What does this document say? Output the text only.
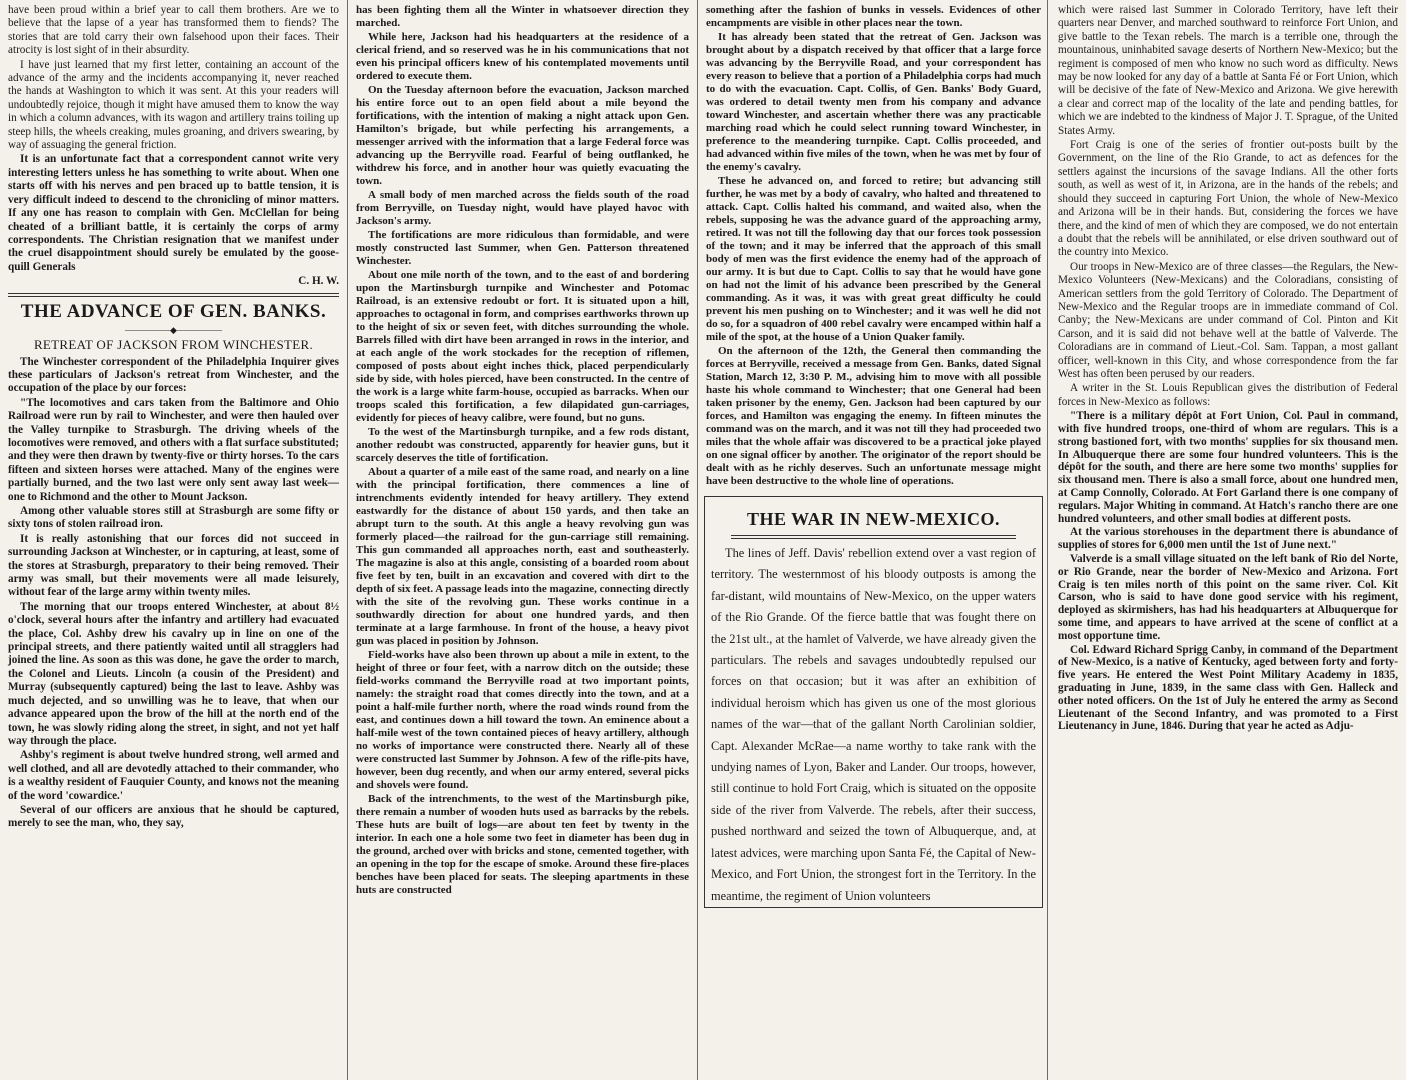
have been proud within a brief year to call them brothers. Are we to believe that the lapse of a year has transformed them to fiends? The stories that are told carry their own falsehood upon their faces. Their atrocity is lost sight of in their absurdity.

I have just learned that my first letter, containing an account of the advance of the army and the incidents accompanying it, never reached the hands at Washington to which it was sent. At this your readers will undoubtedly rejoice, though it might have amused them to know the way in which a column advances, with its wagon and artillery trains toiling up steep hills, the wheels creaking, mules groaning, and drivers swearing, by way of assuaging the general friction.

It is an unfortunate fact that a correspondent cannot write very interesting letters unless he has something to write about. When one starts off with his nerves and pen braced up to battle tension, it is very difficult indeed to descend to the chronicling of minor matters. If any one has reason to complain with Gen. McClellan for being cheated of a brilliant battle, it is certainly the corps of army correspondents. The Christian resignation that we manifest under the cruel disappointment should surely be emulated by the goose-quill Generals

C. H. W.

THE ADVANCE OF GEN. BANKS.
—————◆—————
RETREAT OF JACKSON FROM WINCHESTER.

The Winchester correspondent of the Philadelphia Inquirer gives these particulars of Jackson's retreat from Winchester, and the occupation of the place by our forces:

"The locomotives and cars taken from the Baltimore and Ohio Railroad were run by rail to Winchester, and were then hauled over the Valley turnpike to Strasburgh. The driving wheels of the locomotives were removed, and others with a flat surface substituted; and they were then drawn by twenty-five or thirty horses. To the cars fifteen and sixteen horses were attached. Many of the engines were partially burned, and the two last were only sent away last week—one to Richmond and the other to Mount Jackson.

Among other valuable stores still at Strasburgh are some fifty or sixty tons of stolen railroad iron.

It is really astonishing that our forces did not succeed in surrounding Jackson at Winchester, or in capturing, at least, some of the stores at Strasburgh, preparatory to their being removed. Their army was small, but their movements were all made leisurely, without fear of the large army within twenty miles.

The morning that our troops entered Winchester, at about 8½ o'clock, several hours after the infantry and artillery had evacuated the place, Col. Ashby drew his cavalry up in line on one of the principal streets, and there patiently waited until all stragglers had joined the line. As soon as this was done, he gave the order to march, the Colonel and Lieuts. Lincoln (a cousin of the President) and Murray (subsequently captured) being the last to leave. Ashby was much dejected, and so unwilling was he to leave, that when our advance appeared upon the brow of the hill at the north end of the town, he was slowly riding along the street, in sight, and not yet half way through the place.

Ashby's regiment is about twelve hundred strong, well armed and well clothed, and all are devotedly attached to their commander, who is a wealthy resident of Fauquier County, and knows not the meaning of the word 'cowardice.'

Several of our officers are anxious that he should be captured, merely to see the man, who, they say,

has been fighting them all the Winter in whatsoever direction they marched.

While here, Jackson had his headquarters at the residence of a clerical friend, and so reserved was he in his communications that not even his principal officers knew of his contemplated movements until ordered to execute them.

On the Tuesday afternoon before the evacuation, Jackson marched his entire force out to an open field about a mile beyond the fortifications, with the intention of making a night attack upon Gen. Hamilton's brigade, but while perfecting his arrangements, a messenger arrived with the information that a large Federal force was advancing up the Berryville road. Fearful of being outflanked, he withdrew his force, and in another hour was quietly evacuating the town.

A small body of men marched across the fields south of the road from Berryville, on Tuesday night, would have played havoc with Jackson's army.

The fortifications are more ridiculous than formidable, and were mostly constructed last Summer, when Gen. Patterson threatened Winchester.

About one mile north of the town, and to the east of and bordering upon the Martinsburgh turnpike and Winchester and Potomac Railroad, is an extensive redoubt or fort. It is situated upon a hill, approaches to octagonal in form, and comprises earthworks thrown up to the height of six or seven feet, with ditches surrounding the whole. Barrels filled with dirt have been arranged in rows in the interior, and at each angle of the work stockades for the reception of riflemen, composed of posts about eight inches thick, placed perpendicularly side by side, with holes pierced, have been constructed. In the centre of the work is a large white farm-house, occupied as barracks. When our troops scaled this fortification, a few dilapidated gun-carriages, evidently for pieces of heavy calibre, were found, but no guns.

To the west of the Martinsburgh turnpike, and a few rods distant, another redoubt was constructed, apparently for heavier guns, but it scarcely deserves the title of fortification.

About a quarter of a mile east of the same road, and nearly on a line with the principal fortification, there commences a line of intrenchments evidently intended for heavy artillery. They extend eastwardly for the distance of about 150 yards, and then take an abrupt turn to the south. At this angle a heavy revolving gun was formerly placed—the railroad for the gun-carriage still remaining. This gun commanded all approaches north, east and southeasterly. The magazine is also at this angle, consisting of a boarded room about five feet by ten, built in an excavation and covered with dirt to the depth of six feet. A passage leads into the magazine, connecting directly with the site of the revolving gun. These works continue in a southwardly direction for about one hundred yards, and then terminate at a large farmhouse. In front of the house, a heavy pivot gun was placed in position by Johnson.

Field-works have also been thrown up about a mile in extent, to the height of three or four feet, with a narrow ditch on the outside; these field-works command the Berryville road at two important points, namely: the straight road that comes directly into the town, and at a point a half-mile further north, where the road winds round from the east, and continues down a hill toward the town. An eminence about a half-mile west of the town contained pieces of heavy artillery, although no works of importance were constructed there. Nearly all of these were constructed last Summer by Johnson. A few of the rifle-pits have, however, been dug recently, and when our army entered, several picks and shovels were found.

Back of the intrenchments, to the west of the Martinsburgh pike, there remain a number of wooden huts used as barracks by the rebels. These huts are built of logs—are about ten feet by twenty in the interior. In each one a hole some two feet in diameter has been dug in the ground, arched over with bricks and stone, cemented together, with an opening in the top for the escape of smoke. Around these fire-places benches have been placed for seats. The sleeping apartments in these huts are constructed

something after the fashion of bunks in vessels. Evidences of other encampments are visible in other places near the town.

It has already been stated that the retreat of Gen. Jackson was brought about by a dispatch received by that officer that a large force was advancing by the Berryville Road, and your correspondent has every reason to believe that a portion of a Philadelphia corps had much to do with the evacuation. Capt. Collis, of Gen. Banks' Body Guard, was ordered to detail twenty men from his company and advance toward Winchester, and ascertain whether there was any practicable marching road which he could select running toward Winchester, in preference to the meandering turnpike. Capt. Collis proceeded, and had advanced within five miles of the town, when he was met by four of the enemy's cavalry.

These he advanced on, and forced to retire; but advancing still further, he was met by a body of cavalry, who halted and threatened to attack. Capt. Collis halted his command, and waited also, when the rebels, supposing he was the advance guard of the approaching army, retired. It was not till the following day that our forces took possession of the town; and it may be inferred that the approach of this small body of men was the first evidence the enemy had of the approach of our army. It is but due to Capt. Collis to say that he would have gone on had not the limit of his advance been prescribed by the General commanding. As it was, it was with great great difficulty he could prevent his men pushing on to Winchester; and it was well he did not do so, for a squadron of 400 rebel cavalry were encamped within half a mile of the spot, at the house of a Union Quaker family.

On the afternoon of the 12th, the General then commanding the forces at Berryville, received a message from Gen. Banks, dated Signal Station, March 12, 3:30 P. M., advising him to move with all possible haste his whole command to Winchester; that one General had been taken prisoner by the enemy, Gen. Jackson had been captured by our forces, and Hamilton was engaging the enemy. In fifteen minutes the command was on the march, and it was not till they had proceeded two miles that the whole affair was discovered to be a practical joke played on one signal officer by another. The originator of the report should be dealt with as he richly deserves. Such an unfortunate message might have been destructive to the whole line of operations.

THE WAR IN NEW-MEXICO.

The lines of Jeff. Davis' rebellion extend over a vast region of territory. The westernmost of his bloody outposts is among the far-distant, wild mountains of New-Mexico, on the upper waters of the Rio Grande. Of the fierce battle that was fought there on the 21st ult., at the hamlet of Valverde, we have already given the particulars. The rebels and savages undoubtedly repulsed our forces on that occasion; but it was after an exhibition of individual heroism which has given us one of the most glorious names of the war—that of the gallant North Carolinian soldier, Capt. Alexander McRae—a name worthy to take rank with the undying names of Lyon, Baker and Lander. Our troops, however, still continue to hold Fort Craig, which is situated on the opposite side of the river from Valverde. The rebels, after their success, pushed northward and seized the town of Albuquerque, and, at latest advices, were marching upon Santa Fé, the Capital of New-Mexico, and Fort Union, the strongest fort in the Territory. In the meantime, the regiment of Union volunteers

which were raised last Summer in Colorado Territory, have left their quarters near Denver, and marched southward to reinforce Fort Union, and give battle to the Texan rebels. The march is a terrible one, through the mountainous, uninhabited savage deserts of Northern New-Mexico; but the regiment is composed of men who know no such word as difficulty. News may be now looked for any day of a battle at Santa Fé or Fort Union, which will be decisive of the fate of New-Mexico and Arizona. We give herewith a clear and correct map of the locality of the late and pending battles, for which we are indebted to the kindness of Major J. T. Sprague, of the United States Army.

Fort Craig is one of the series of frontier out-posts built by the Government, on the line of the Rio Grande, to act as defences for the settlers against the incursions of the savage Indians. All the other forts south, as well as west of it, in Arizona, are in the hands of the rebels; and should they succeed in capturing Fort Union, the whole of New-Mexico and Arizona will be in their hands. But, considering the forces we have there, and the kind of men of which they are composed, we do not entertain a doubt that the rebels will be annihilated, or else driven southward out of the country into Mexico.

Our troops in New-Mexico are of three classes—the Regulars, the New-Mexico Volunteers (New-Mexicans) and the Coloradians, consisting of American settlers from the gold Territory of Colorado. The Department of New-Mexico and the Regular troops are in immediate command of Col. Canby; the New-Mexicans are under command of Col. Pinton and Kit Carson, and it is said did not behave well at the battle of Valverde. The Coloradians are in command of Lieut.-Col. Sam. Tappan, a most gallant officer, well-known in this City, and whose correspondence from the far West has often been perused by our readers.

A writer in the St. Louis Republican gives the distribution of Federal forces in New-Mexico as follows:

"There is a military dépôt at Fort Union, Col. Paul in command, with five hundred troops, one-third of whom are regulars. This is a strong bastioned fort, with two months' supplies for six thousand men. In Albuquerque there are some four hundred volunteers. This is the dépôt for the south, and there are here some two months' supplies for six thousand men. There is also a small force, about one hundred men, at Camp Connolly, Colorado. At Fort Garland there is one company of regulars. Major Whiting in command. At Hatch's rancho there are one hundred volunteers, and other small bodies at different posts.

At the various storehouses in the department there is abundance of supplies of stores for 6,000 men until the 1st of June next."

Valverde is a small village situated on the left bank of Rio del Norte, or Rio Grande, near the border of New-Mexico and Arizona. Fort Craig is ten miles north of this point on the same river. Col. Kit Carson, who is said to have done good service with his regiment, deployed as skirmishers, has had his headquarters at Albuquerque for some time, and appears to have arrived at the scene of conflict at a most opportune time.

Col. Edward Richard Sprigg Canby, in command of the Department of New-Mexico, is a native of Kentucky, aged between forty and forty-five years. He entered the West Point Military Academy in 1835, graduating in June, 1839, in the same class with Gen. Halleck and other noted officers. On the 1st of July he entered the army as Second Lieutenant of the Second Infantry, and was promoted to a First Lieutenancy in June, 1846. During that year he acted as Adju-
